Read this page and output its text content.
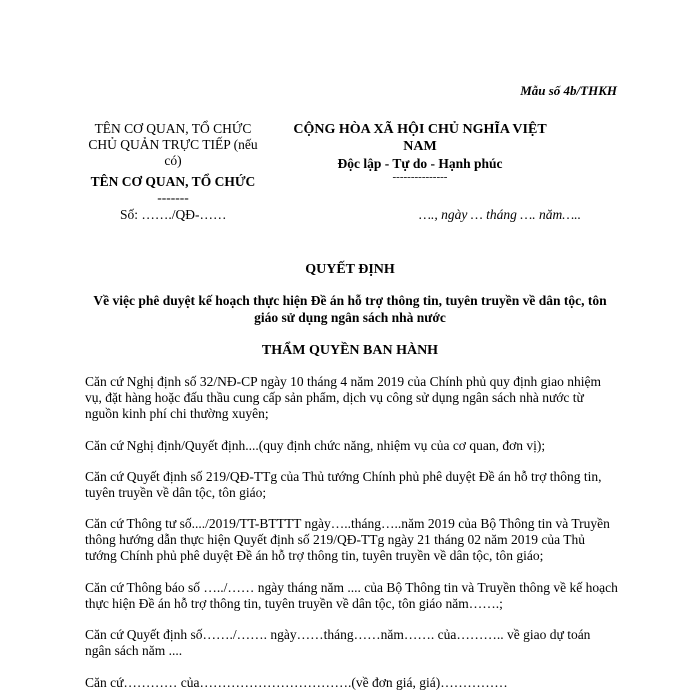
Mẫu số 4b/THKH
TÊN CƠ QUAN, TỔ CHỨC
CHỦ QUẢN TRỰC TIẾP (nếu
có)
TÊN CƠ QUAN, TỔ CHỨC
-------
CỘNG HÒA XÃ HỘI CHỦ NGHĨA VIỆT NAM
Độc lập - Tự do - Hạnh phúc
---------------
Số: ……./QĐ-……	…., ngày … tháng …. năm…..
QUYẾT ĐỊNH
Về việc phê duyệt kế hoạch thực hiện Đề án hỗ trợ thông tin, tuyên truyền về dân tộc, tôn giáo sử dụng ngân sách nhà nước
THẨM QUYỀN BAN HÀNH
Căn cứ Nghị định số 32/NĐ-CP ngày 10 tháng 4 năm 2019 của Chính phủ quy định giao nhiệm vụ, đặt hàng hoặc đấu thầu cung cấp sản phẩm, dịch vụ công sử dụng ngân sách nhà nước từ nguồn kinh phí chi thường xuyên;
Căn cứ Nghị định/Quyết định....(quy định chức năng, nhiệm vụ của cơ quan, đơn vị);
Căn cứ Quyết định số 219/QĐ-TTg của Thủ tướng Chính phủ phê duyệt Đề án hỗ trợ thông tin, tuyên truyền về dân tộc, tôn giáo;
Căn cứ Thông tư số..../2019/TT-BTTTT ngày…..tháng…..năm 2019 của Bộ Thông tin và Truyền thông hướng dẫn thực hiện Quyết định số 219/QĐ-TTg ngày 21 tháng 02 năm 2019 của Thủ tướng Chính phủ phê duyệt Đề án hỗ trợ thông tin, tuyên truyền về dân tộc, tôn giáo;
Căn cứ Thông báo số …../…… ngày tháng năm .... của Bộ Thông tin và Truyền thông về kế hoạch thực hiện Đề án hỗ trợ thông tin, tuyên truyền về dân tộc, tôn giáo năm…….;
Căn cứ Quyết định số……./……. ngày……tháng……năm……. của……….. về giao dự toán ngân sách năm ....
Căn cứ………… của…………………………….(về đơn giá, giá)……………
